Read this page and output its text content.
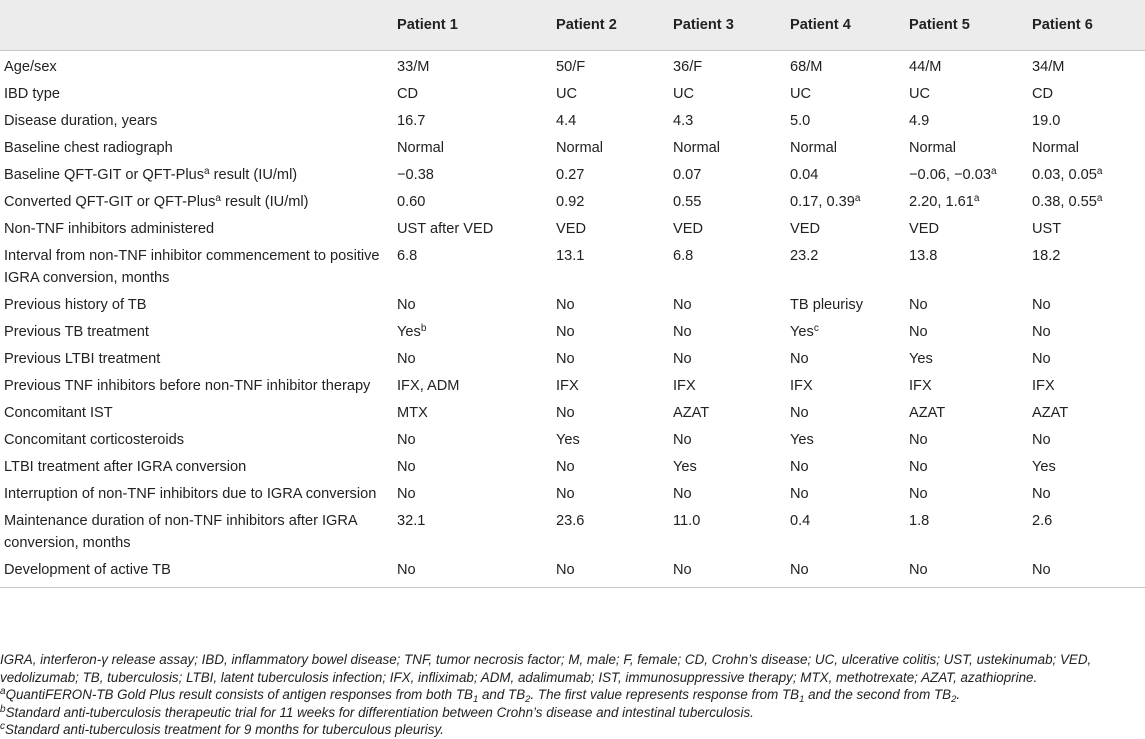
	Patient 1	Patient 2	Patient 3	Patient 4	Patient 5	Patient 6
Age/sex	33/M	50/F	36/F	68/M	44/M	34/M
IBD type	CD	UC	UC	UC	UC	CD
Disease duration, years	16.7	4.4	4.3	5.0	4.9	19.0
Baseline chest radiograph	Normal	Normal	Normal	Normal	Normal	Normal
Baseline QFT-GIT or QFT-Plus$^a$ result (IU/ml)	−0.38	0.27	0.07	0.04	−0.06, −0.03$^a$	0.03, 0.05$^a$
Converted QFT-GIT or QFT-Plus$^a$ result (IU/ml)	0.60	0.92	0.55	0.17, 0.39$^a$	2.20, 1.61$^a$	0.38, 0.55$^a$
Non-TNF inhibitors administered	UST after VED	VED	VED	VED	VED	UST
Interval from non-TNF inhibitor commencement to positive IGRA conversion, months	6.8	13.1	6.8	23.2	13.8	18.2
Previous history of TB	No	No	No	TB pleurisy	No	No
Previous TB treatment	Yes$^b$	No	No	Yes$^c$	No	No
Previous LTBI treatment	No	No	No	No	Yes	No
Previous TNF inhibitors before non-TNF inhibitor therapy	IFX, ADM	IFX	IFX	IFX	IFX	IFX
Concomitant IST	MTX	No	AZAT	No	AZAT	AZAT
Concomitant corticosteroids	No	Yes	No	Yes	No	No
LTBI treatment after IGRA conversion	No	No	Yes	No	No	Yes
Interruption of non-TNF inhibitors due to IGRA conversion	No	No	No	No	No	No
Maintenance duration of non-TNF inhibitors after IGRA conversion, months	32.1	23.6	11.0	0.4	1.8	2.6
Development of active TB	No	No	No	No	No	No

IGRA, interferon-γ release assay; IBD, inflammatory bowel disease; TNF, tumor necrosis factor; M, male; F, female; CD, Crohn’s disease; UC, ulcerative colitis; UST, ustekinumab; VED, vedolizumab; TB, tuberculosis; LTBI, latent tuberculosis infection; IFX, infliximab; ADM, adalimumab; IST, immunosuppressive therapy; MTX, methotrexate; AZAT, azathioprine.

$^a$QuantiFERON-TB Gold Plus result consists of antigen responses from both $TB_1$ and $TB_2$. The first value represents response from $TB_1$ and the second from $TB_2$.

$^b$Standard anti-tuberculosis therapeutic trial for 11 weeks for differentiation between Crohn’s disease and intestinal tuberculosis.

$^c$Standard anti-tuberculosis treatment for 9 months for tuberculous pleurisy.
